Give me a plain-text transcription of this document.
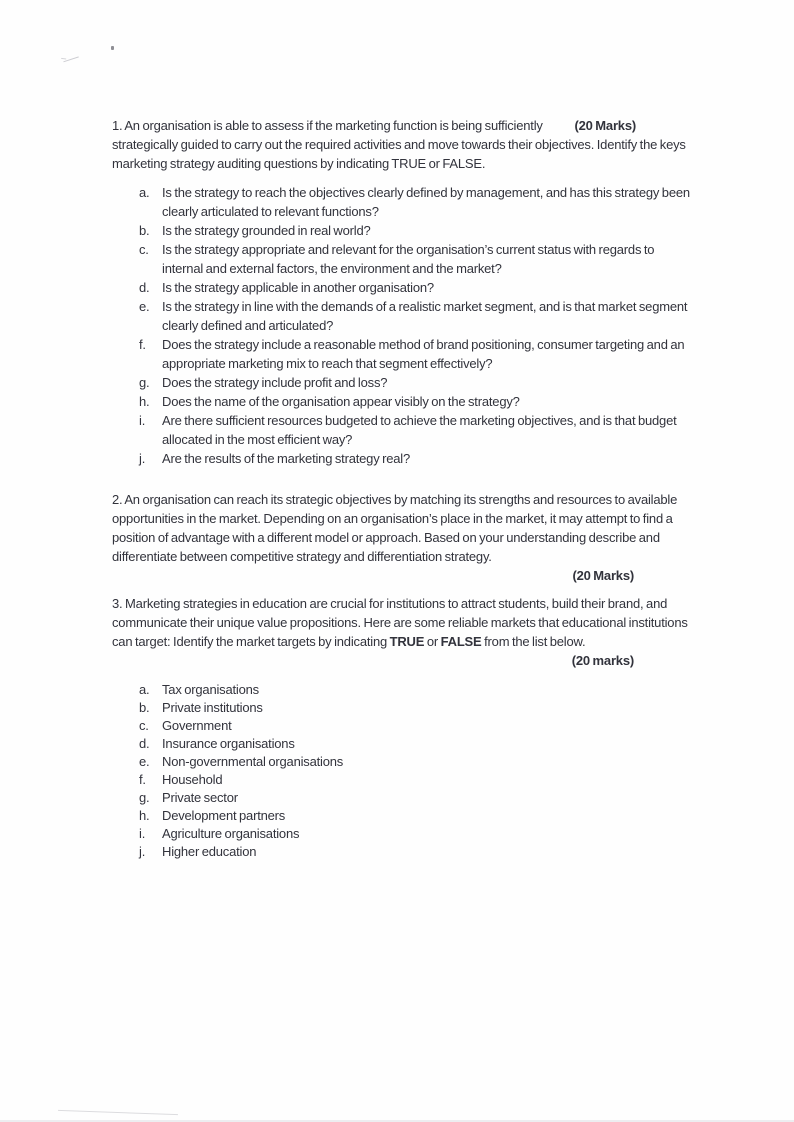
(20 Marks)
1. An organisation is able to assess if the marketing function is being sufficiently strategically guided to carry out the required activities and move towards their objectives. Identify the keys marketing strategy auditing questions by indicating TRUE or FALSE.

a. Is the strategy to reach the objectives clearly defined by management, and has this strategy been clearly articulated to relevant functions?
b. Is the strategy grounded in real world?
c.	Is the strategy appropriate and relevant for the organisation’s current status with regards to internal and external factors, the environment and the market?
d. Is the strategy applicable in another organisation?
e. Is the strategy in line with the demands of a realistic market segment, and is that market segment clearly defined and articulated?
f.	Does the strategy include a reasonable method of brand positioning, consumer targeting and an appropriate marketing mix to reach that segment effectively?
g. Does the strategy include profit and loss?
h. Does the name of the organisation appear visibly on the strategy?
i.	Are there sufficient resources budgeted to achieve the marketing objectives, and is that budget allocated in the most efficient way?
j.	Are the results of the marketing strategy real?

2. An organisation can reach its strategic objectives by matching its strengths and resources to available opportunities in the market. Depending on an organisation’s place in the market, it may attempt to find a position of advantage with a different model or approach. Based on your understanding describe and differentiate between competitive strategy and differentiation strategy.

(20 Marks)

3. Marketing strategies in education are crucial for institutions to attract students, build their brand, and communicate their unique value propositions. Here are some reliable markets that educational institutions can target: Identify the market targets by indicating TRUE or FALSE from the list below.

(20 marks)
a. Tax organisations
b. Private institutions
c.	Government
d. Insurance organisations
e. Non-governmental organisations
f.	Household
g. Private sector
h. Development partners
i.	Agriculture organisations
j.	Higher education
